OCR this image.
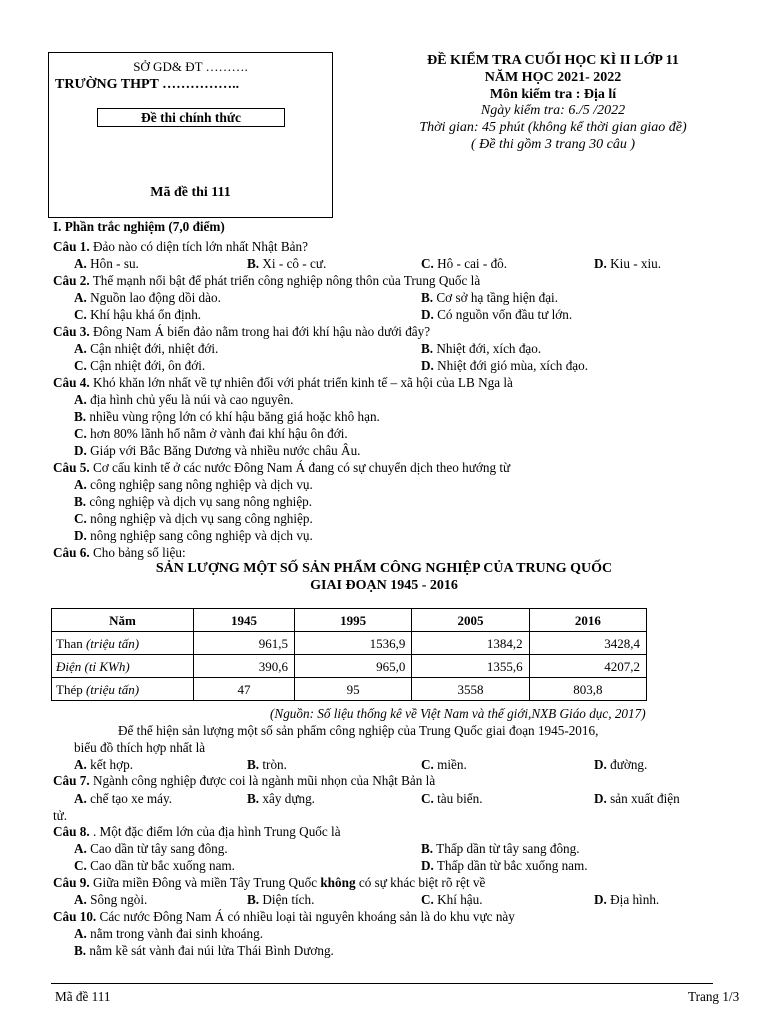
SỞ GD& ĐT ……….
TRƯỜNG THPT ……………..
Đề thi chính thức
Mã đề thi 111
ĐỀ KIỂM TRA CUỐI HỌC KÌ II LỚP 11
NĂM HỌC 2021- 2022
Môn kiểm tra : Địa lí
Ngày kiểm tra: 6./5 /2022
Thời gian: 45 phút (không kể thời gian giao đề)
( Đề thi gồm 3 trang 30 câu )
I. Phần trắc nghiệm (7,0 điểm)
Câu 1. Đảo nào có diện tích lớn nhất Nhật Bản?
A. Hôn - su.	B. Xi - cô - cư.	C. Hô - cai - đô.	D. Kiu - xiu.
Câu 2. Thế mạnh nổi bật để phát triển công nghiệp nông thôn của Trung Quốc là
A. Nguồn lao động dồi dào.	B. Cơ sở hạ tầng hiện đại.
C. Khí hậu khá ổn định.	D. Có nguồn vốn đầu tư lớn.
Câu 3. Đông Nam Á biển đảo nằm trong hai đới khí hậu nào dưới đây?
A. Cận nhiệt đới, nhiệt đới.	B. Nhiệt đới, xích đạo.
C. Cận nhiệt đới, ôn đới.	D. Nhiệt đới gió mùa, xích đạo.
Câu 4. Khó khăn lớn nhất về tự nhiên đối với phát triển kinh tế – xã hội của LB Nga là
A. địa hình chủ yếu là núi và cao nguyên.
B. nhiều vùng rộng lớn có khí hậu băng giá hoặc khô hạn.
C. hơn 80% lãnh hổ nằm ở vành đai khí hậu ôn đới.
D. Giáp với Bắc Băng Dương và nhiều nước châu Âu.
Câu 5. Cơ cấu kinh tế ở các nước Đông Nam Á đang có sự chuyển dịch theo hướng từ
A. công nghiệp sang nông nghiệp và dịch vụ.
B. công nghiệp và dịch vụ sang nông nghiệp.
C. nông nghiệp và dịch vụ sang công nghiệp.
D. nông nghiệp sang công nghiệp và dịch vụ.
Câu 6. Cho bảng số liệu:
SẢN LƯỢNG MỘT SỐ SẢN PHẨM CÔNG NGHIỆP CỦA TRUNG QUỐC
GIAI ĐOẠN 1945 - 2016
Năm	1945	1995	2005	2016
Than (triệu tấn)	961,5	1536,9	1384,2	3428,4
Điện (tỉ KWh)	390,6	965,0	1355,6	4207,2
Thép (triệu tấn)	47	95	3558	803,8
(Nguồn: Số liệu thống kê về Việt Nam và thế giới,NXB Giáo dục, 2017)
Để thể hiện sản lượng một số sản phẩm công nghiệp của Trung Quốc giai đoạn 1945-2016,
biểu đồ thích hợp nhất là
A. kết hợp.	B. tròn.	C. miền.	D. đường.
Câu 7. Ngành công nghiệp được coi là ngành mũi nhọn của Nhật Bản là
A. chế tạo xe máy.	B. xây dựng.	C. tàu biển.	D. sản xuất điện
tử.
Câu 8. . Một đặc điểm lớn của địa hình Trung Quốc là
A. Cao dần từ tây sang đông.	B. Thấp dần từ tây sang đông.
C. Cao dần từ bắc xuống nam.	D. Thấp dần từ bắc xuống nam.
Câu 9. Giữa miền Đông và miền Tây Trung Quốc không có sự khác biệt rõ rệt về
A. Sông ngòi.	B. Diện tích.	C. Khí hậu.	D. Địa hình.
Câu 10. Các nước Đông Nam Á có nhiều loại tài nguyên khoáng sản là do khu vực này
A. nằm trong vành đai sinh khoáng.
B. nằm kề sát vành đai núi lửa Thái Bình Dương.
Mã đề 111	Trang 1/3
